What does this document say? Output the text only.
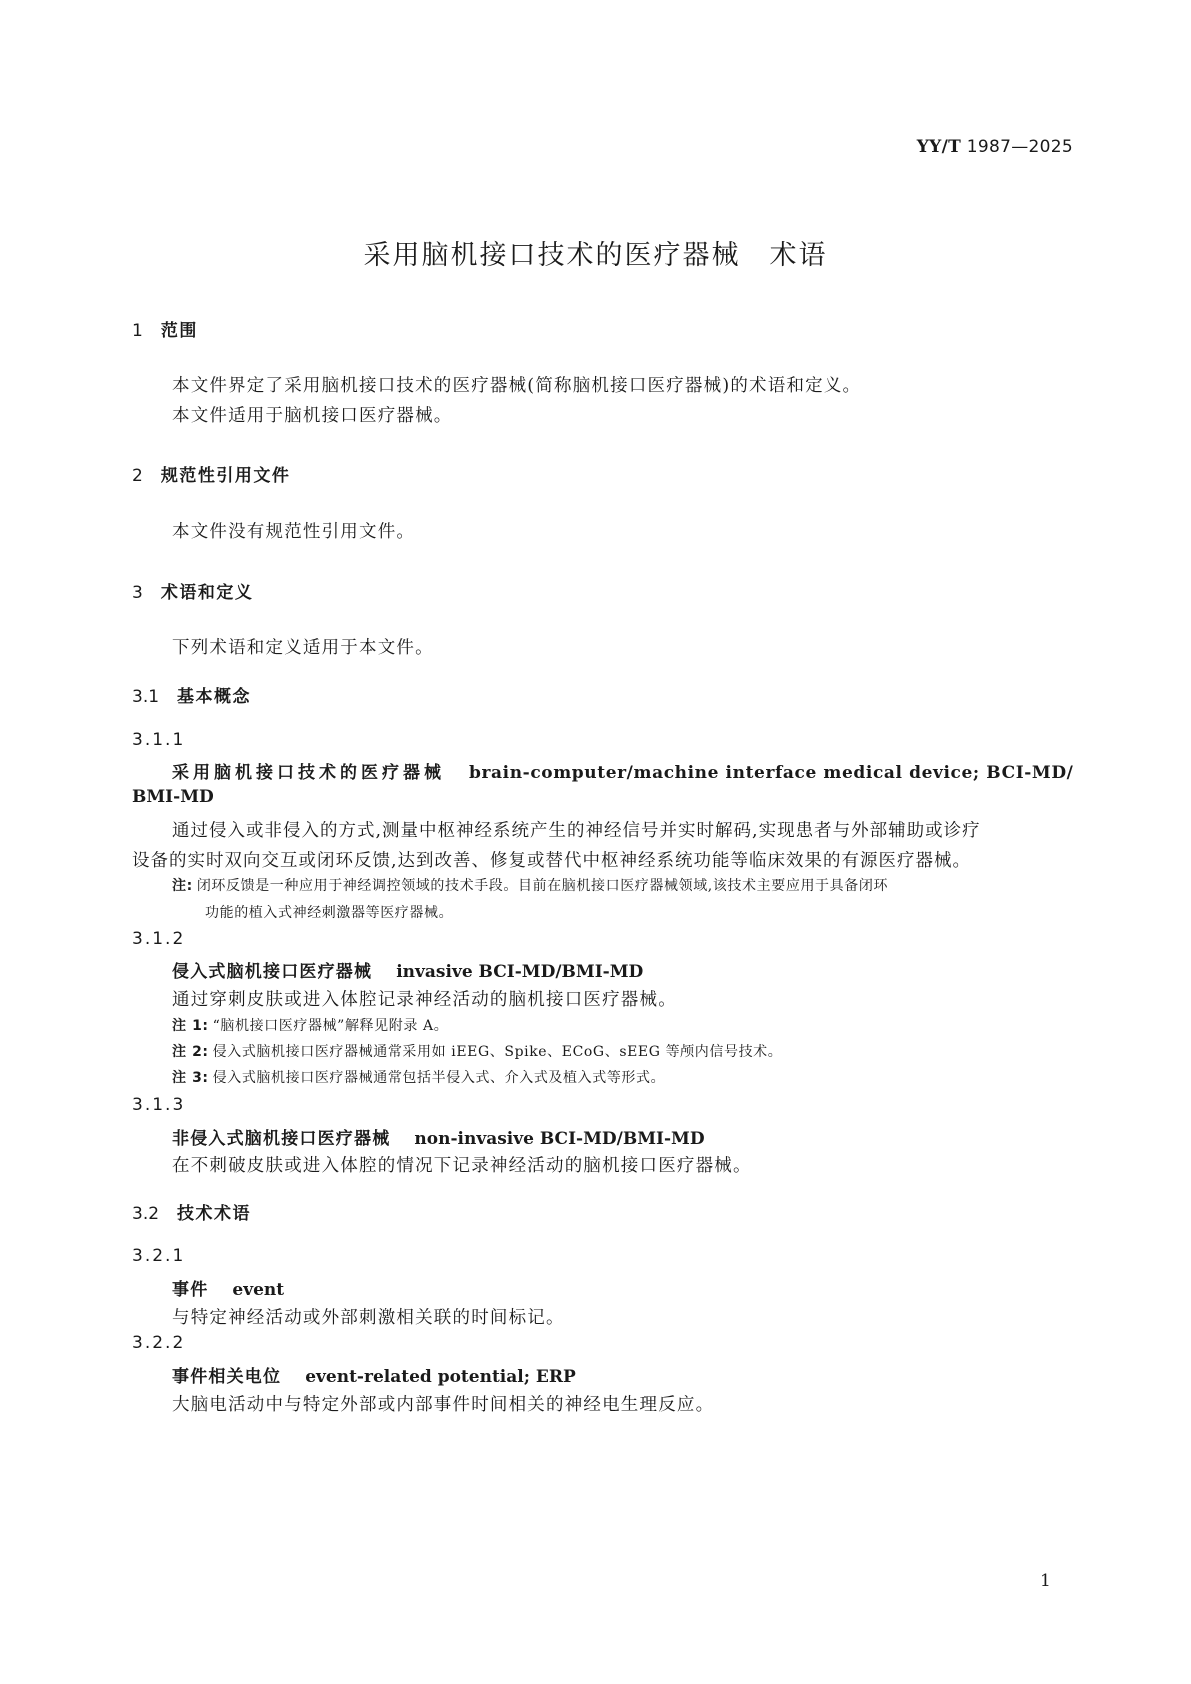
YY/T 1987—2025
采用脑机接口技术的医疗器械　术语
1 范围
本文件界定了采用脑机接口技术的医疗器械(简称脑机接口医疗器械)的术语和定义。
本文件适用于脑机接口医疗器械。
2 规范性引用文件
本文件没有规范性引用文件。
3 术语和定义
下列术语和定义适用于本文件。
3.1 基本概念
3.1.1
采用脑机接口技术的医疗器械 brain-computer/machine interface medical device; BCI-MD/
BMI-MD
通过侵入或非侵入的方式,测量中枢神经系统产生的神经信号并实时解码,实现患者与外部辅助或诊疗
设备的实时双向交互或闭环反馈,达到改善、修复或替代中枢神经系统功能等临床效果的有源医疗器械。
注: 闭环反馈是一种应用于神经调控领域的技术手段。目前在脑机接口医疗器械领域,该技术主要应用于具备闭环
功能的植入式神经刺激器等医疗器械。
3.1.2
侵入式脑机接口医疗器械 invasive BCI-MD/BMI-MD
通过穿刺皮肤或进入体腔记录神经活动的脑机接口医疗器械。
注 1: “脑机接口医疗器械”解释见附录 A。
注 2: 侵入式脑机接口医疗器械通常采用如 iEEG、Spike、ECoG、sEEG 等颅内信号技术。
注 3: 侵入式脑机接口医疗器械通常包括半侵入式、介入式及植入式等形式。
3.1.3
非侵入式脑机接口医疗器械 non-invasive BCI-MD/BMI-MD
在不刺破皮肤或进入体腔的情况下记录神经活动的脑机接口医疗器械。
3.2 技术术语
3.2.1
事件 event
与特定神经活动或外部刺激相关联的时间标记。
3.2.2
事件相关电位 event-related potential; ERP
大脑电活动中与特定外部或内部事件时间相关的神经电生理反应。
1
